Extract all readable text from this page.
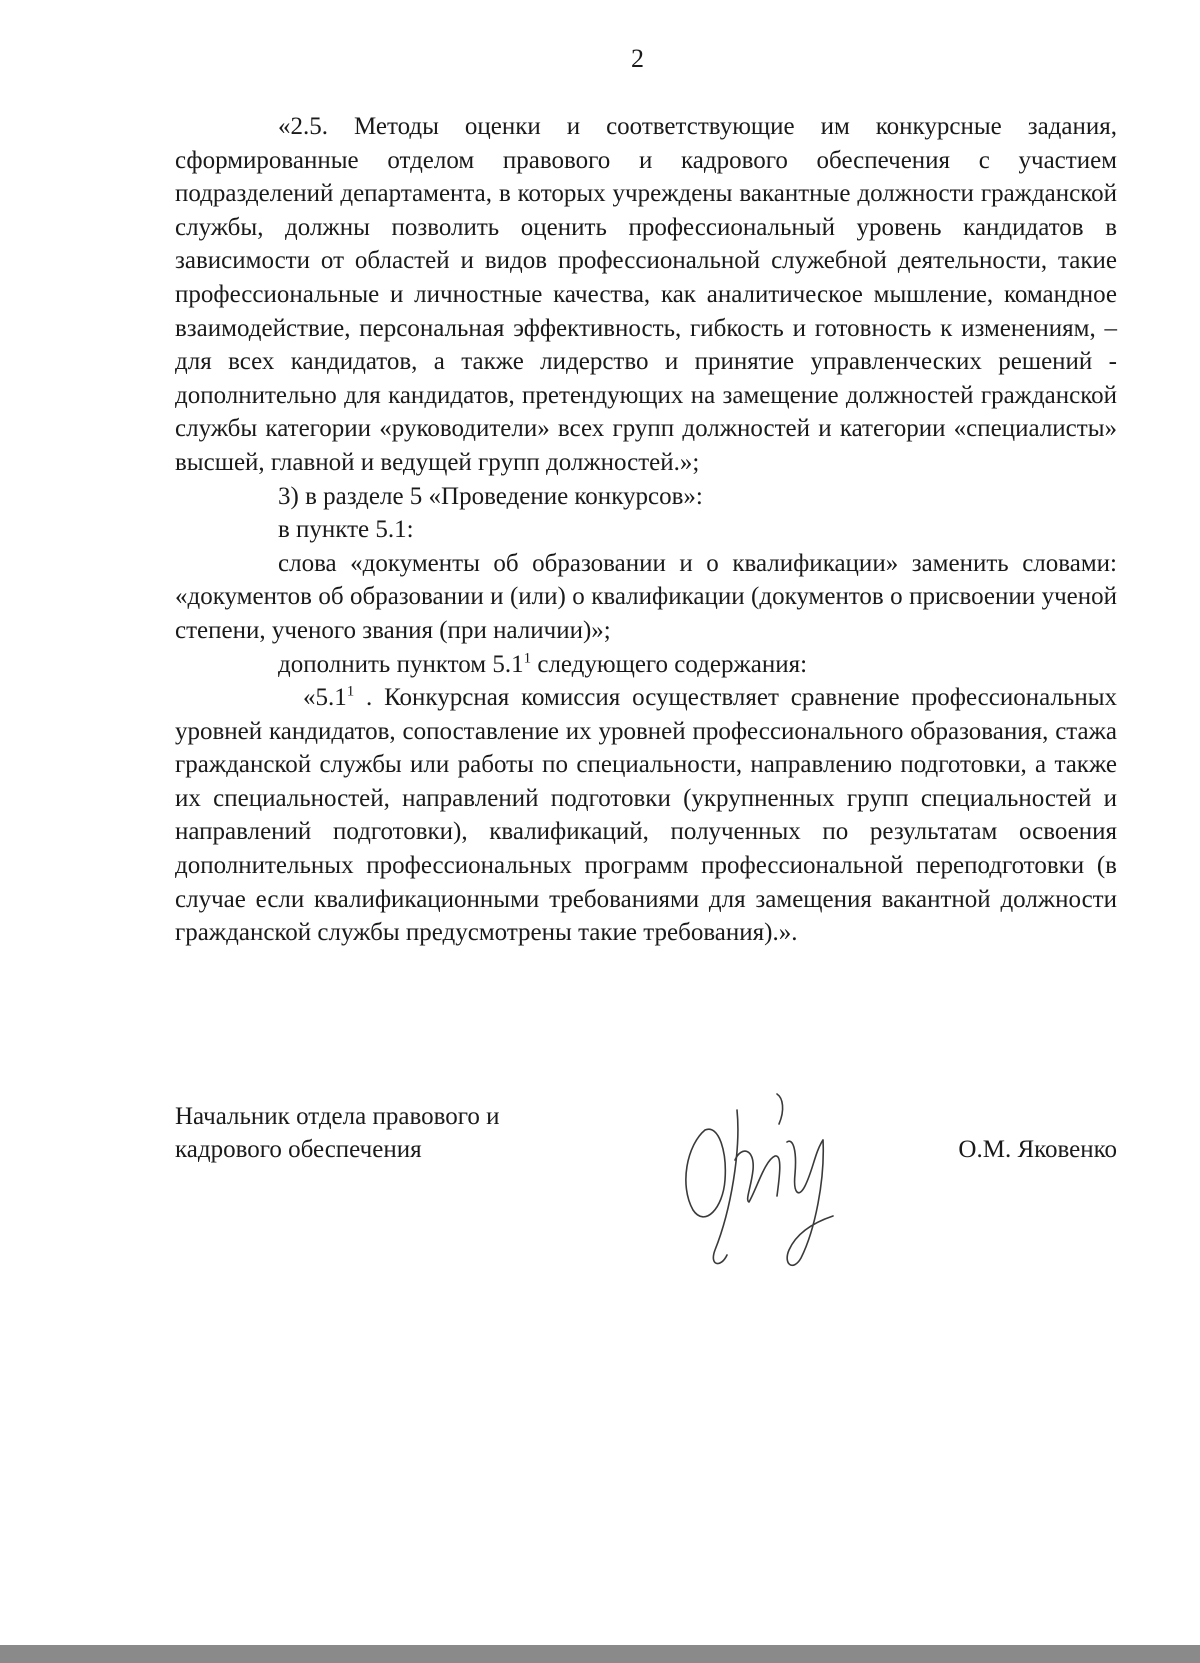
2

«2.5. Методы оценки и соответствующие им конкурсные задания, сформированные отделом правового и кадрового обеспечения с участием подразделений департамента, в которых учреждены вакантные должности гражданской службы, должны позволить оценить профессиональный уровень кандидатов в зависимости от областей и видов профессиональной служебной деятельности, такие профессиональные и личностные качества, как аналитическое мышление, командное взаимодействие, персональная эффективность, гибкость и готовность к изменениям, – для всех кандидатов, а также лидерство и принятие управленческих решений - дополнительно для кандидатов, претендующих на замещение должностей гражданской службы категории «руководители» всех групп должностей и категории «специалисты» высшей, главной и ведущей групп должностей.»;

3) в разделе 5 «Проведение конкурсов»:

в пункте 5.1:

слова «документы об образовании и о квалификации» заменить словами: «документов об образовании и (или) о квалификации (документов о присвоении ученой степени, ученого звания (при наличии)»;

дополнить пунктом $5.1^1$ следующего содержания:

«$5.1^1$ . Конкурсная комиссия осуществляет сравнение профессиональных уровней кандидатов, сопоставление их уровней профессионального образования, стажа гражданской службы или работы по специальности, направлению подготовки, а также их специальностей, направлений подготовки (укрупненных групп специальностей и направлений подготовки), квалификаций, полученных по результатам освоения дополнительных профессиональных программ профессиональной переподготовки (в случае если квалификационными требованиями для замещения вакантной должности гражданской службы предусмотрены такие требования).».

Начальник отдела правового и
кадрового обеспечения	О.М. Яковенко
